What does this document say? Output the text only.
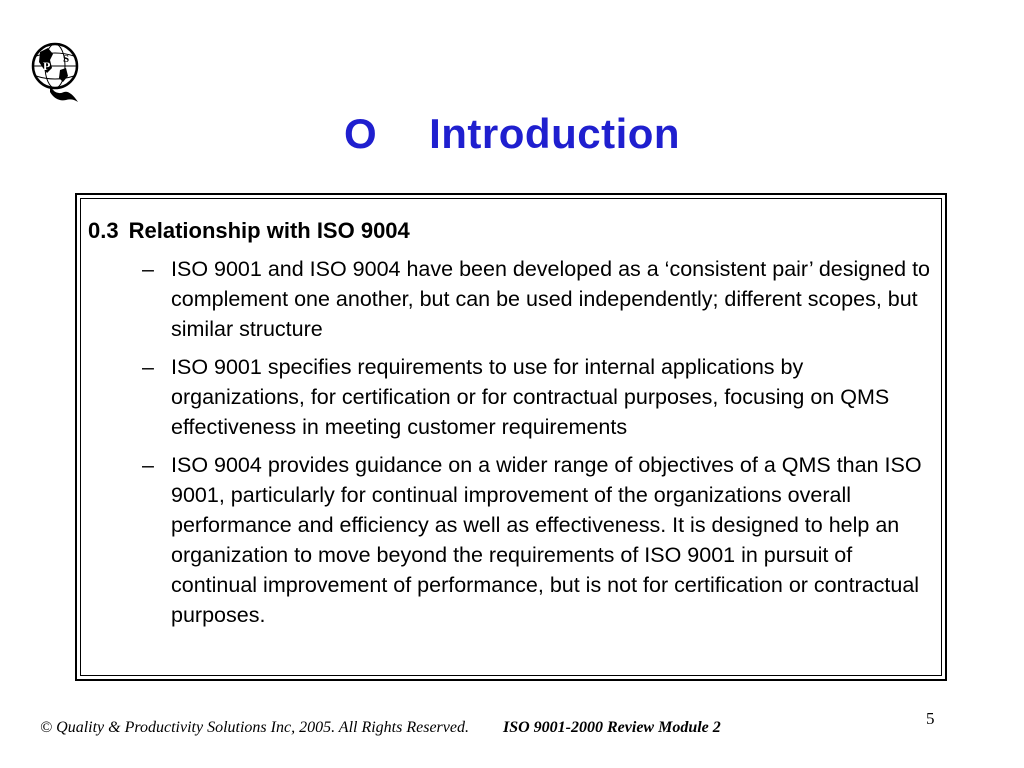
P S
O Introduction
0.3 Relationship with ISO 9004
– ISO 9001 and ISO 9004 have been developed as a ‘consistent pair’ designed to complement one another, but can be used independently; different scopes, but similar structure
– ISO 9001 specifies requirements to use for internal applications by organizations, for certification or for contractual purposes, focusing on QMS effectiveness in meeting customer requirements
– ISO 9004 provides guidance on a wider range of objectives of a QMS than ISO 9001, particularly for continual improvement of the organizations overall performance and efficiency as well as effectiveness. It is designed to help an organization to move beyond the requirements of ISO 9001 in pursuit of continual improvement of performance, but is not for certification or contractual purposes.
© Quality & Productivity Solutions Inc, 2005. All Rights Reserved. ISO 9001-2000 Review Module 2	5
